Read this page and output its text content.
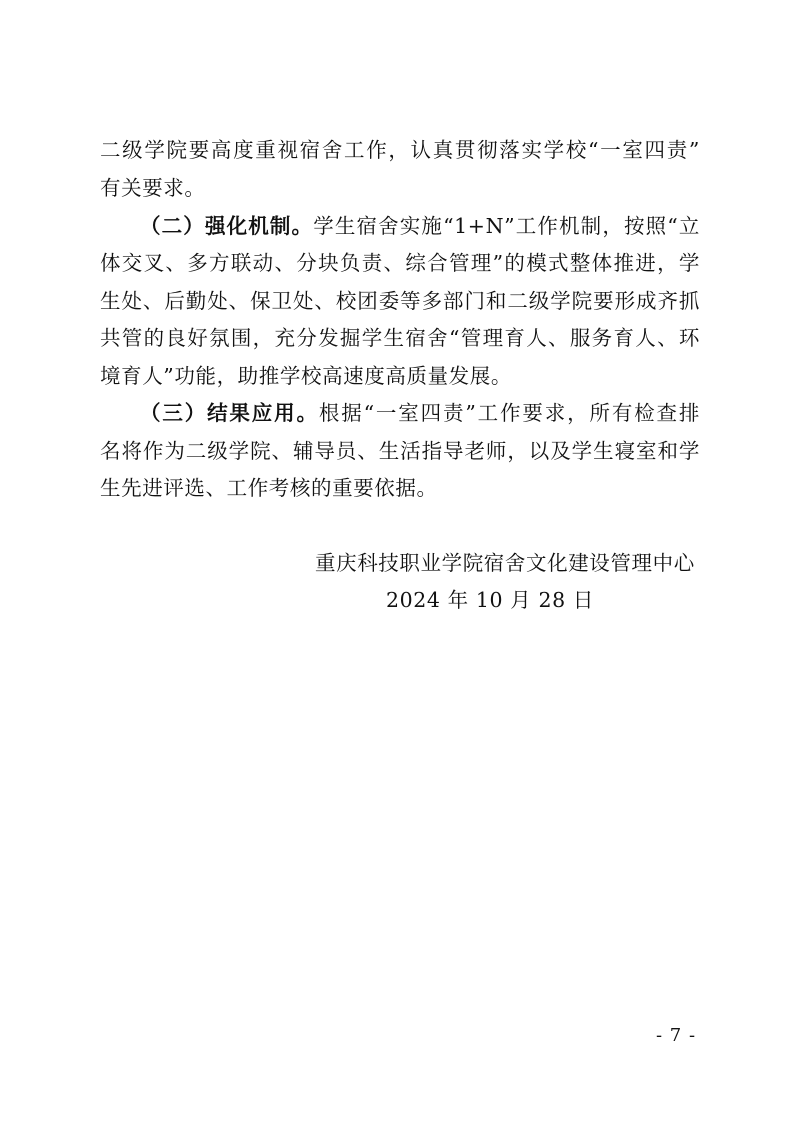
二级学院要高度重视宿舍工作，认真贯彻落实学校“一室四责”
有关要求。
（二）强化机制。学生宿舍实施“1+N”工作机制，按照“立
体交叉、多方联动、分块负责、综合管理”的模式整体推进，学
生处、后勤处、保卫处、校团委等多部门和二级学院要形成齐抓
共管的良好氛围，充分发掘学生宿舍“管理育人、服务育人、环
境育人”功能，助推学校高速度高质量发展。
（三）结果应用。根据“一室四责”工作要求，所有检查排
名将作为二级学院、辅导员、生活指导老师，以及学生寝室和学
生先进评选、工作考核的重要依据。
重庆科技职业学院宿舍文化建设管理中心
2024 年 10 月 28 日
- 7 -
